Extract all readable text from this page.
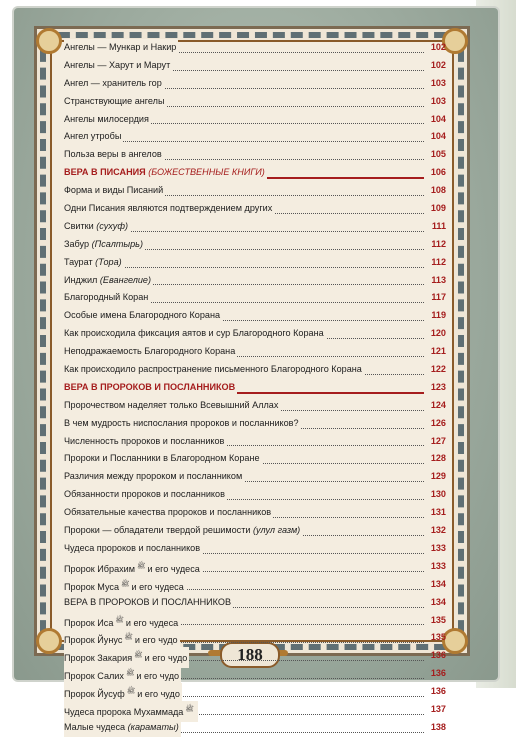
Ангелы — Мункар и Накир	102
Ангелы — Харут и Марут	102
Ангел — хранитель гор	103
Странствующие ангелы	103
Ангелы милосердия	104
Ангел утробы	104
Польза веры в ангелов	105
ВЕРА В ПИСАНИЯ (БОЖЕСТВЕННЫЕ КНИГИ)	106
Форма и виды Писаний	108
Одни Писания являются подтверждением других	109
Свитки (сухуф)	111
Забур (Псалтырь)	112
Таурат (Тора)	112
Инджил (Евангелие)	113
Благородный Коран	117
Особые имена Благородного Корана	119
Как происходила фиксация аятов и сур Благородного Корана	120
Неподражаемость Благородного Корана	121
Как происходило распространение письменного Благородного Корана	122
ВЕРА В ПРОРОКОВ И ПОСЛАННИКОВ	123
Пророчеством наделяет только Всевышний Аллах	124
В чем мудрость ниспослания пророков и посланников?	126
Численность пророков и посланников	127
Пророки и Посланники в Благородном Коране	128
Различия между пророком и посланником	129
Обязанности пророков и посланников	130
Обязательные качества пророков и посланников	131
Пророки — обладатели твердой решимости (улул газм)	132
Чудеса пророков и посланников	133
Пророк Ибрахим $^ﷺ$ и его чудеса	133
Пророк Муса $^ﷺ$ и его чудеса	134
ВЕРА В ПРОРОКОВ И ПОСЛАННИКОВ	134
Пророк Иса $^ﷺ$ и его чудеса	135
Пророк Йунус $^ﷺ$ и его чудо	135
Пророк Закария $^ﷺ$ и его чудо	136
Пророк Салих $^ﷺ$ и его чудо	136
Пророк Йусуф $^ﷺ$ и его чудо	136
Чудеса пророка Мухаммада $^ﷺ$	137
Малые чудеса (караматы)	138
188
